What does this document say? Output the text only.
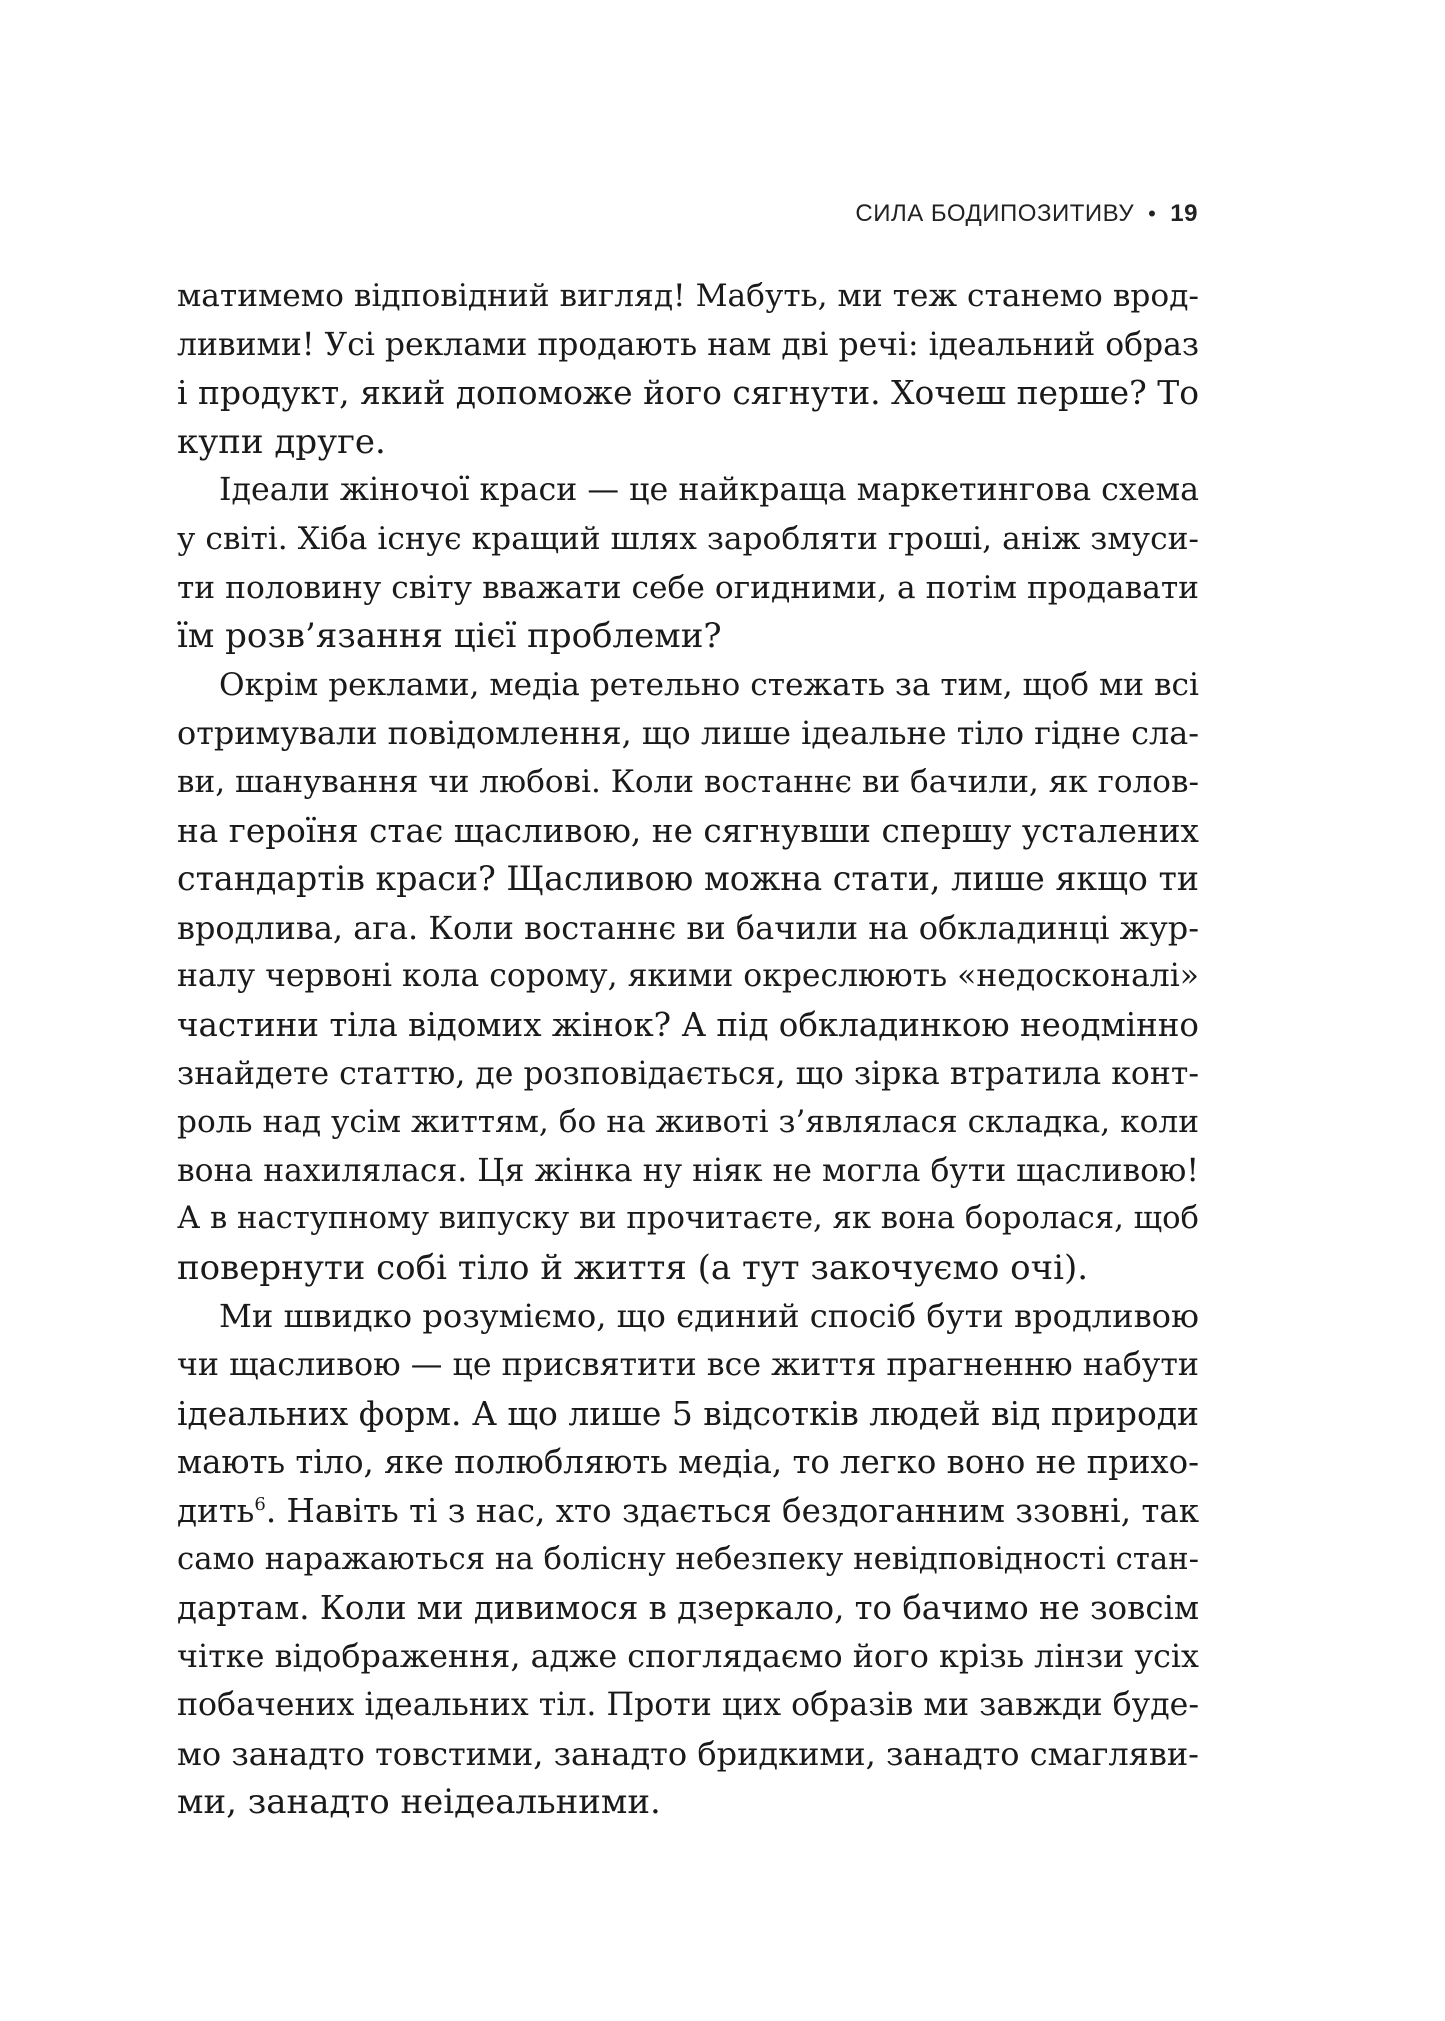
СИЛА БОДИПОЗИТИВУ • 19
матимемо відповідний вигляд! Мабуть, ми теж станемо врод-
ливими! Усі реклами продають нам дві речі: ідеальний образ
і продукт, який допоможе його сягнути. Хочеш перше? То
купи друге.
Ідеали жіночої краси — це найкраща маркетингова схема
у світі. Хіба існує кращий шлях заробляти гроші, аніж змуси-
ти половину світу вважати себе огидними, а потім продавати
їм розв’язання цієї проблеми?
Окрім реклами, медіа ретельно стежать за тим, щоб ми всі
отримували повідомлення, що лише ідеальне тіло гідне сла-
ви, шанування чи любові. Коли востаннє ви бачили, як голов-
на героїня стає щасливою, не сягнувши спершу усталених
стандартів краси? Щасливою можна стати, лише якщо ти
вродлива, ага. Коли востаннє ви бачили на обкладинці жур-
налу червоні кола сорому, якими окреслюють «недосконалі»
частини тіла відомих жінок? А під обкладинкою неодмінно
знайдете статтю, де розповідається, що зірка втратила конт-
роль над усім життям, бо на животі з’являлася складка, коли
вона нахилялася. Ця жінка ну ніяк не могла бути щасливою!
А в наступному випуску ви прочитаєте, як вона боролася, щоб
повернути собі тіло й життя (а тут закочуємо очі).
Ми швидко розуміємо, що єдиний спосіб бути вродливою
чи щасливою — це присвятити все життя прагненню набути
ідеальних форм. А що лише 5 відсотків людей від природи
мають тіло, яке полюбляють медіа, то легко воно не прихо-
дить$^6$. Навіть ті з нас, хто здається бездоганним ззовні, так
само наражаються на болісну небезпеку невідповідності стан-
дартам. Коли ми дивимося в дзеркало, то бачимо не зовсім
чітке відображення, адже споглядаємо його крізь лінзи усіх
побачених ідеальних тіл. Проти цих образів ми завжди буде-
мо занадто товстими, занадто бридкими, занадто смагляви-
ми, занадто неідеальними.
